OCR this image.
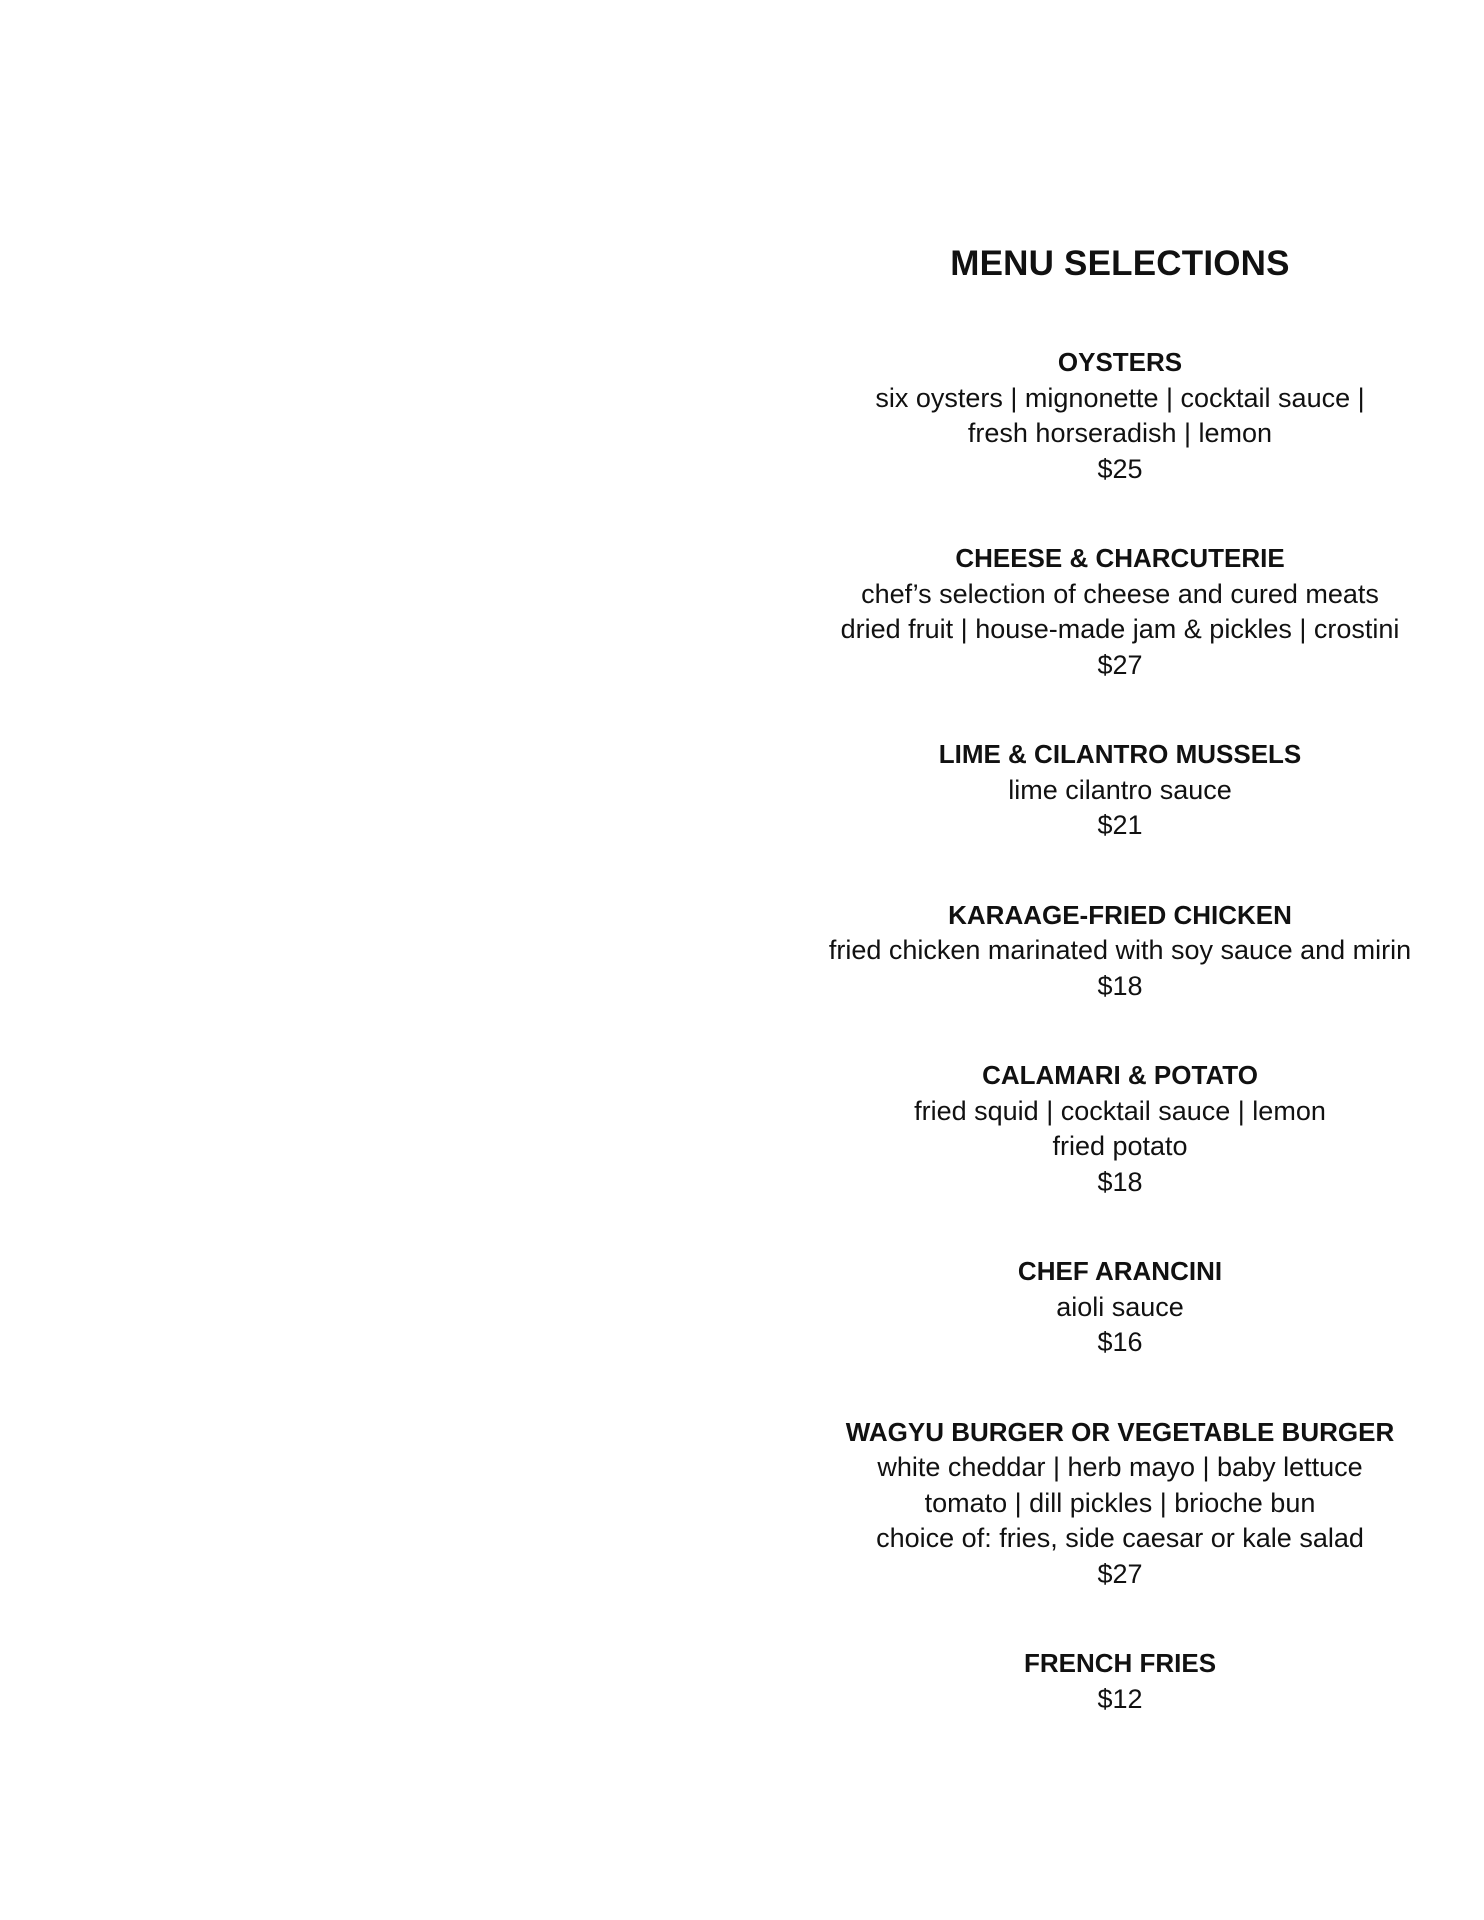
MENU SELECTIONS
OYSTERS
six oysters | mignonette | cocktail sauce |
fresh horseradish | lemon
$25
CHEESE & CHARCUTERIE
chef’s selection of cheese and cured meats
dried fruit | house-made jam & pickles | crostini
$27
LIME & CILANTRO MUSSELS
lime cilantro sauce
$21
KARAAGE-FRIED CHICKEN
fried chicken marinated with soy sauce and mirin
$18
CALAMARI & POTATO
fried squid | cocktail sauce | lemon
fried potato
$18
CHEF ARANCINI
aioli sauce
$16
WAGYU BURGER OR VEGETABLE BURGER
white cheddar | herb mayo | baby lettuce
tomato | dill pickles | brioche bun
choice of: fries, side caesar or kale salad
$27
FRENCH FRIES
$12
